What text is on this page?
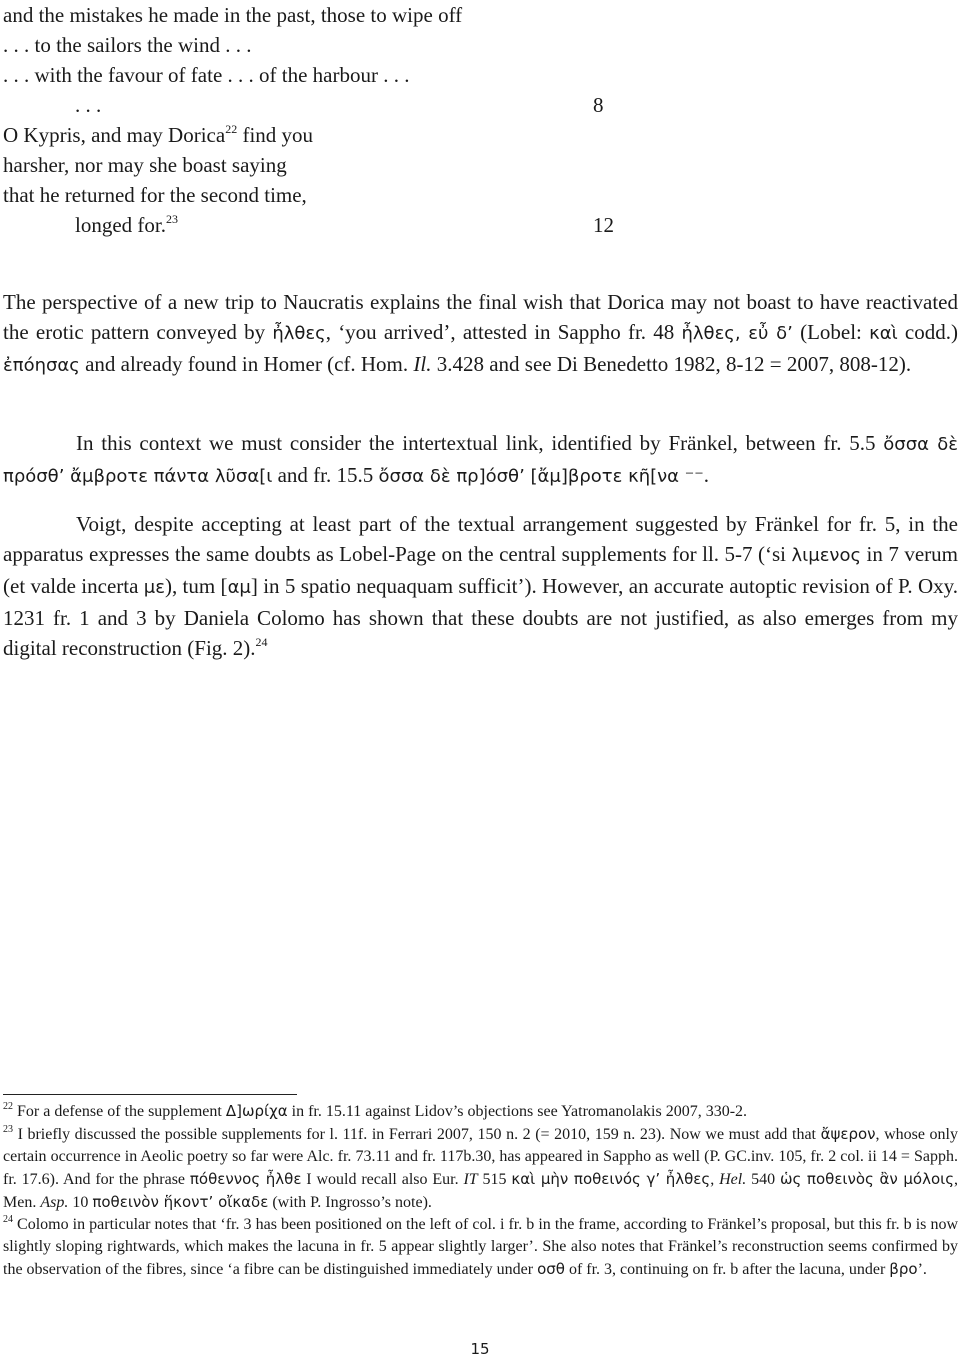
and the mistakes he made in the past, those to wipe off
. . . to the sailors the wind . . .
. . . with the favour of fate . . . of the harbour . . .
. . .	8
O Kypris, and may Dorica$^{22}$ find you
harsher, nor may she boast saying
that he returned for the second time,
longed for.$^{23}$	12

The perspective of a new trip to Naucratis explains the final wish that Dorica may not boast to have reactivated the erotic pattern conveyed by ἦλθες, ‘you arrived’, attested in Sappho fr. 48 ἦλθες, εὖ δ’ (Lobel: καὶ codd.) ἐπόησας and already found in Homer (cf. Hom. Il. 3.428 and see Di Benedetto 1982, 8-12 = 2007, 808-12).

In this context we must consider the intertextual link, identified by Fränkel, between fr. 5.5 ὄσσα δὲ πρόσθ’ ἄμβροτε πάντα λῦσα[ι and fr. 15.5 ὄσσα δὲ πρ]όσθ’ [ἄμ]βροτε κῆ[να ⁻⁻.

Voigt, despite accepting at least part of the textual arrangement suggested by Fränkel for fr. 5, in the apparatus expresses the same doubts as Lobel-Page on the central supplements for ll. 5-7 (‘si λιμενος in 7 verum (et valde incerta με), tum [αμ] in 5 spatio nequaquam sufficit’). However, an accurate autoptic revision of P. Oxy. 1231 fr. 1 and 3 by Daniela Colomo has shown that these doubts are not justified, as also emerges from my digital reconstruction (Fig. 2).$^{24}$

$^{22}$ For a defense of the supplement Δ]ωρίχα in fr. 15.11 against Lidov’s objections see Yatromanolakis 2007, 330-2.

$^{23}$ I briefly discussed the possible supplements for l. 11f. in Ferrari 2007, 150 n. 2 (= 2010, 159 n. 23). Now we must add that ἄψερον, whose only certain occurrence in Aeolic poetry so far were Alc. fr. 73.11 and fr. 117b.30, has appeared in Sappho as well (P. GC.inv. 105, fr. 2 col. ii 14 = Sapph. fr. 17.6). And for the phrase πόθεννος ἦλθε I would recall also Eur. IT 515 καὶ μὴν ποθεινός γ’ ἦλθες, Hel. 540 ὡς ποθεινὸς ἂν μόλοις, Men. Asp. 10 ποθεινὸν ἥκοντ’ οἴκαδε (with P. Ingrosso’s note).

$^{24}$ Colomo in particular notes that ‘fr. 3 has been positioned on the left of col. i fr. b in the frame, according to Fränkel’s proposal, but this fr. b is now slightly sloping rightwards, which makes the lacuna in fr. 5 appear slightly larger’. She also notes that Fränkel’s reconstruction seems confirmed by the observation of the fibres, since ‘a fibre can be distinguished immediately under οσθ of fr. 3, continuing on fr. b after the lacuna, under βρο’.

15
